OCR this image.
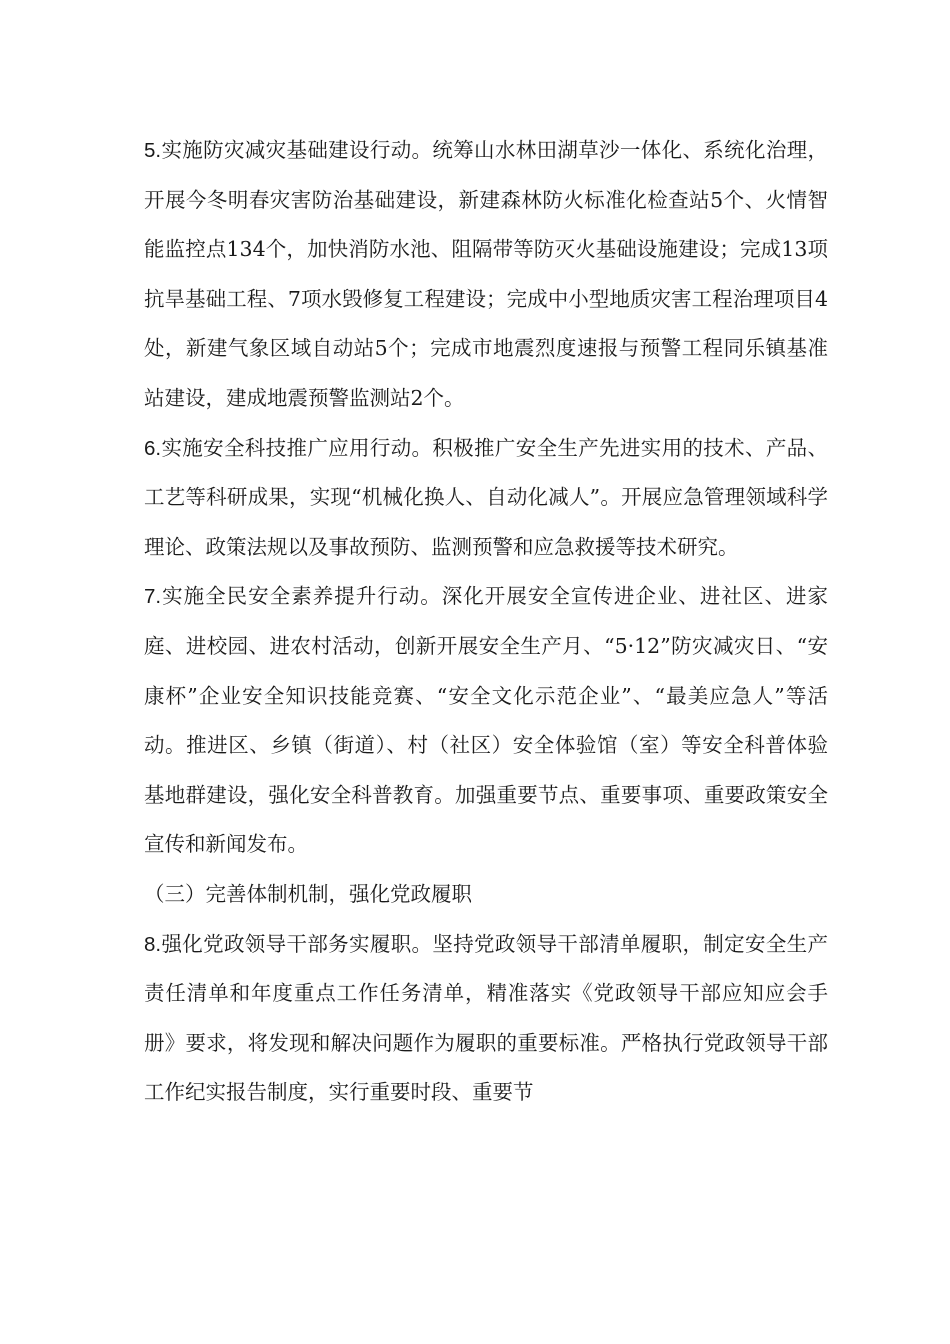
5.实施防灾减灾基础建设行动。统筹山水林田湖草沙一体化、系统化治理，开展今冬明春灾害防治基础建设，新建森林防火标准化检查站5个、火情智能监控点134个，加快消防水池、阻隔带等防灭火基础设施建设；完成13项抗旱基础工程、7项水毁修复工程建设；完成中小型地质灾害工程治理项目4处，新建气象区域自动站5个；完成市地震烈度速报与预警工程同乐镇基准站建设，建成地震预警监测站2个。

6.实施安全科技推广应用行动。积极推广安全生产先进实用的技术、产品、工艺等科研成果，实现“机械化换人、自动化减人”。开展应急管理领域科学理论、政策法规以及事故预防、监测预警和应急救援等技术研究。

7.实施全民安全素养提升行动。深化开展安全宣传进企业、进社区、进家庭、进校园、进农村活动，创新开展安全生产月、“5·12”防灾减灾日、“安康杯”企业安全知识技能竞赛、“安全文化示范企业”、“最美应急人”等活动。推进区、乡镇（街道）、村（社区）安全体验馆（室）等安全科普体验基地群建设，强化安全科普教育。加强重要节点、重要事项、重要政策安全宣传和新闻发布。

（三）完善体制机制，强化党政履职

8.强化党政领导干部务实履职。坚持党政领导干部清单履职，制定安全生产责任清单和年度重点工作任务清单，精准落实《党政领导干部应知应会手册》要求，将发现和解决问题作为履职的重要标准。严格执行党政领导干部工作纪实报告制度，实行重要时段、重要节
